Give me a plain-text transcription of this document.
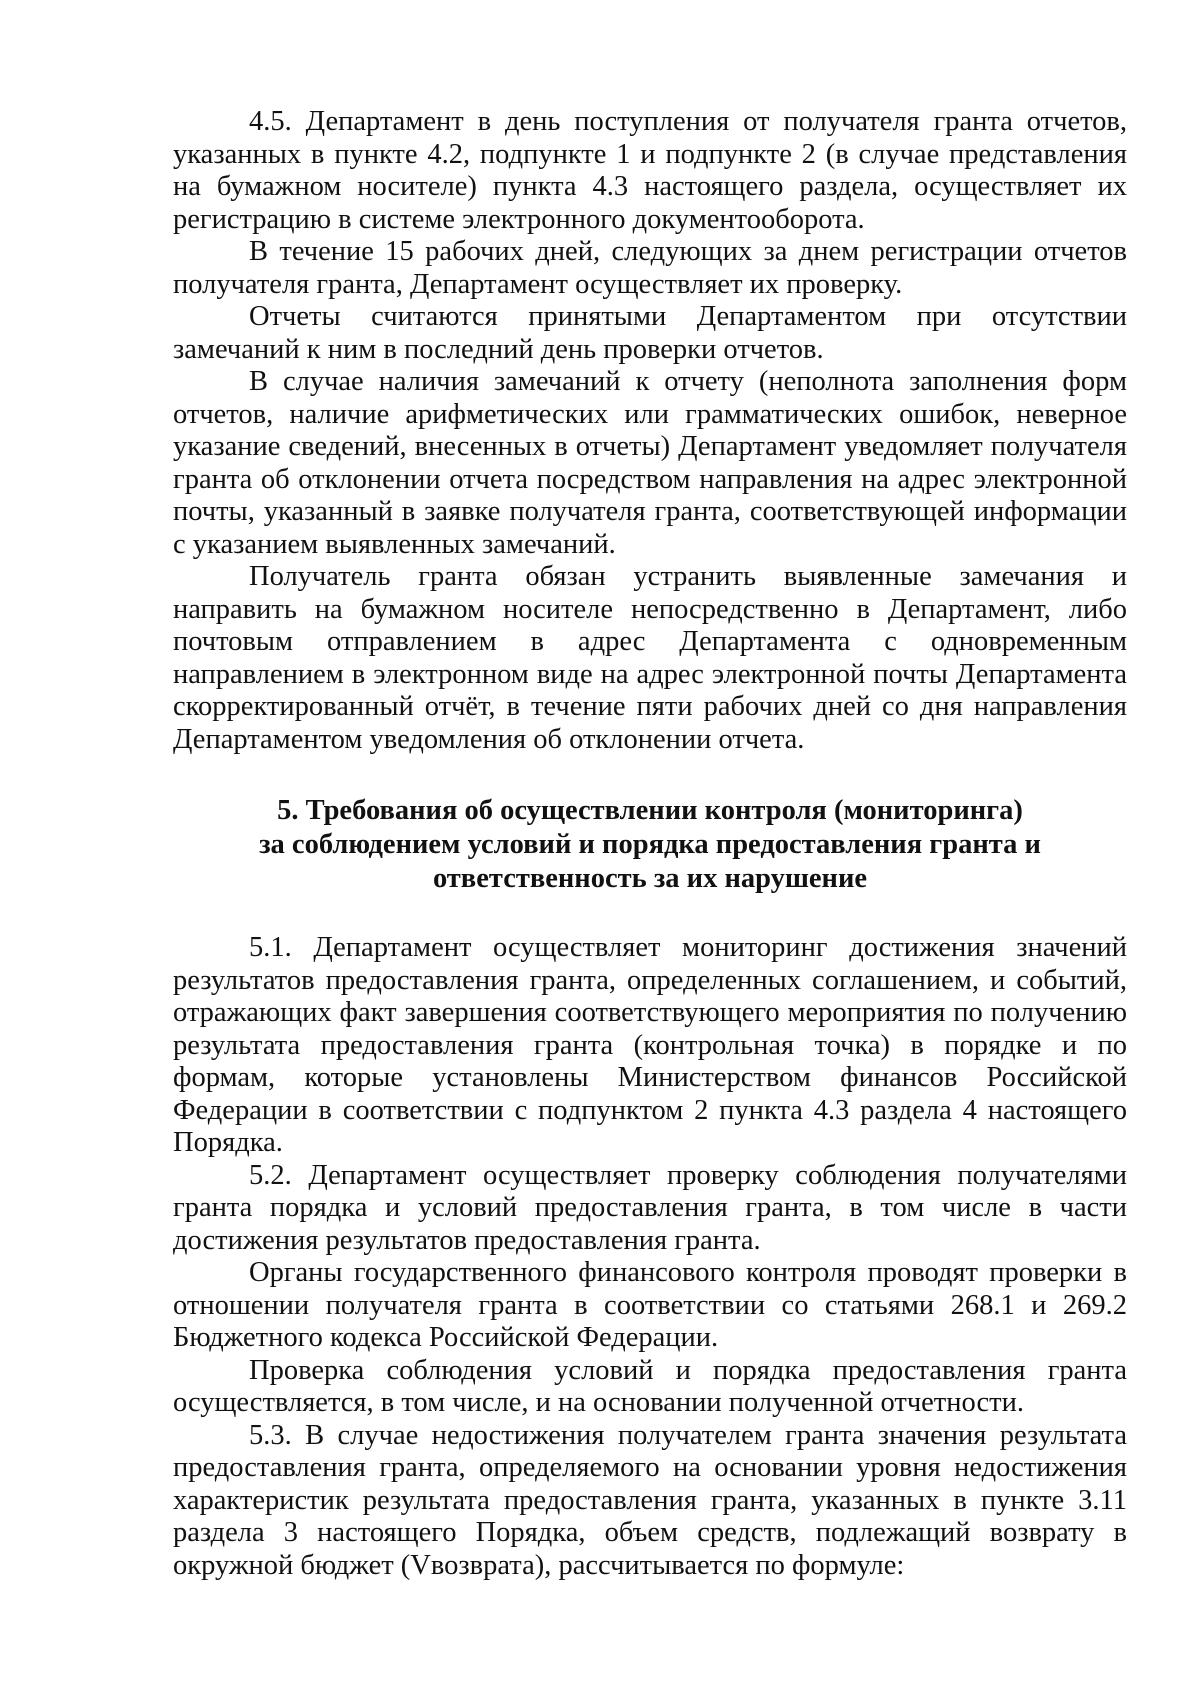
4.5. Департамент в день поступления от получателя гранта отчетов, указанных в пункте 4.2, подпункте 1 и подпункте 2 (в случае представления на бумажном носителе) пункта 4.3 настоящего раздела, осуществляет их регистрацию в системе электронного документооборота.

В течение 15 рабочих дней, следующих за днем регистрации отчетов получателя гранта, Департамент осуществляет их проверку.

Отчеты считаются принятыми Департаментом при отсутствии замечаний к ним в последний день проверки отчетов.

В случае наличия замечаний к отчету (неполнота заполнения форм отчетов, наличие арифметических или грамматических ошибок, неверное указание сведений, внесенных в отчеты) Департамент уведомляет получателя гранта об отклонении отчета посредством направления на адрес электронной почты, указанный в заявке получателя гранта, соответствующей информации с указанием выявленных замечаний.

Получатель гранта обязан устранить выявленные замечания и направить на бумажном носителе непосредственно в Департамент, либо почтовым отправлением в адрес Департамента с одновременным направлением в электронном виде на адрес электронной почты Департамента скорректированный отчёт, в течение пяти рабочих дней со дня направления Департаментом уведомления об отклонении отчета.

5. Требования об осуществлении контроля (мониторинга)
за соблюдением условий и порядка предоставления гранта и
ответственность за их нарушение

5.1. Департамент осуществляет мониторинг достижения значений результатов предоставления гранта, определенных соглашением, и событий, отражающих факт завершения соответствующего мероприятия по получению результата предоставления гранта (контрольная точка) в порядке и по формам, которые установлены Министерством финансов Российской Федерации в соответствии с подпунктом 2 пункта 4.3 раздела 4 настоящего Порядка.

5.2. Департамент осуществляет проверку соблюдения получателями гранта порядка и условий предоставления гранта, в том числе в части достижения результатов предоставления гранта.

Органы государственного финансового контроля проводят проверки в отношении получателя гранта в соответствии со статьями 268.1 и 269.2 Бюджетного кодекса Российской Федерации.

Проверка соблюдения условий и порядка предоставления гранта осуществляется, в том числе, и на основании полученной отчетности.

5.3. В случае недостижения получателем гранта значения результата предоставления гранта, определяемого на основании уровня недостижения характеристик результата предоставления гранта, указанных в пункте 3.11 раздела 3 настоящего Порядка, объем средств, подлежащий возврату в окружной бюджет (Vвозврата), рассчитывается по формуле:
